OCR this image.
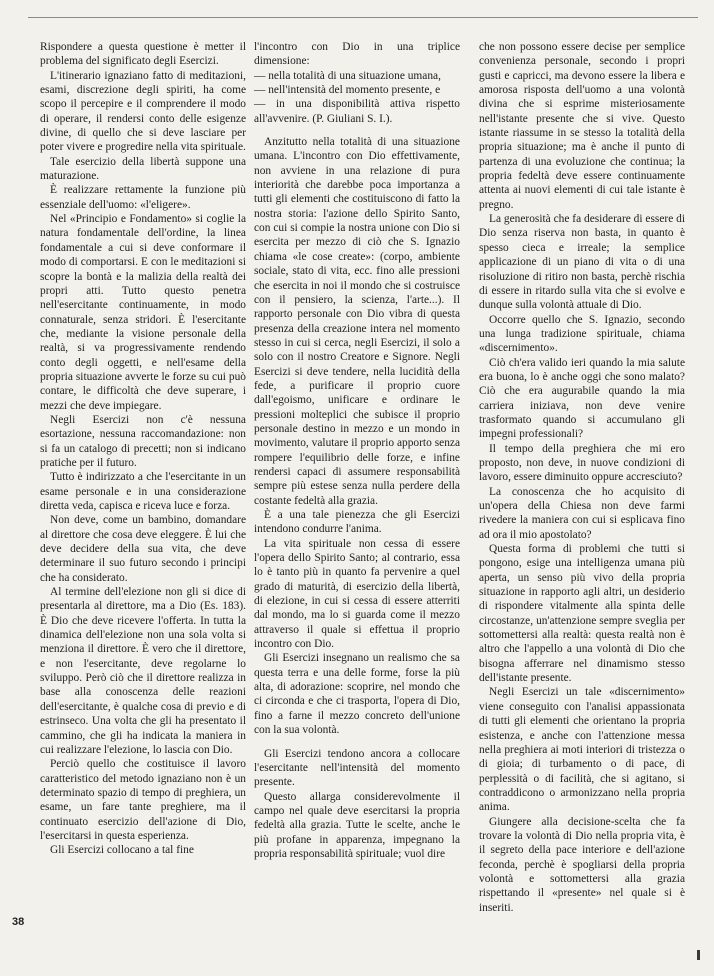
Rispondere a questa questione è metter il problema del significato degli Esercizi.

L'itinerario ignaziano fatto di meditazioni, esami, discrezione degli spiriti, ha come scopo il percepire e il comprendere il modo di operare, il rendersi conto delle esigenze divine, di quello che si deve lasciare per poter vivere e progredire nella vita spirituale.

Tale esercizio della libertà suppone una maturazione.

È realizzare rettamente la funzione più essenziale dell'uomo: «l'eligere».

Nel «Principio e Fondamento» si coglie la natura fondamentale dell'ordine, la linea fondamentale a cui si deve conformare il modo di comportarsi. E con le meditazioni si scopre la bontà e la malizia della realtà dei propri atti. Tutto questo penetra nell'esercitante continuamente, in modo connaturale, senza stridori. È l'esercitante che, mediante la visione personale della realtà, si va progressivamente rendendo conto degli oggetti, e nell'esame della propria situazione avverte le forze su cui può contare, le difficoltà che deve superare, i mezzi che deve impiegare.

Negli Esercizi non c'è nessuna esortazione, nessuna raccomandazione: non si fa un catalogo di precetti; non si indicano pratiche per il futuro.

Tutto è indirizzato a che l'esercitante in un esame personale e in una considerazione diretta veda, capisca e riceva luce e forza.

Non deve, come un bambino, domandare al direttore che cosa deve eleggere. È lui che deve decidere della sua vita, che deve determinare il suo futuro secondo i principi che ha considerato.

Al termine dell'elezione non gli si dice di presentarla al direttore, ma a Dio (Es. 183). È Dio che deve ricevere l'offerta. In tutta la dinamica dell'elezione non una sola volta si menziona il direttore. È vero che il direttore, e non l'esercitante, deve regolarne lo sviluppo. Però ciò che il direttore realizza in base alla conoscenza delle reazioni dell'esercitante, è qualche cosa di previo e di estrinseco. Una volta che gli ha presentato il cammino, che gli ha indicata la maniera in cui realizzare l'elezione, lo lascia con Dio.

Perciò quello che costituisce il lavoro caratteristico del metodo ignaziano non è un determinato spazio di tempo di preghiera, un esame, un fare tante preghiere, ma il continuato esercizio dell'azione di Dio, l'esercitarsi in questa esperienza.

Gli Esercizi collocano a tal fine

l'incontro con Dio in una triplice dimensione:

— nella totalità di una situazione umana,

— nell'intensità del momento presente, e

— in una disponibilità attiva rispetto all'avvenire. (P. Giuliani S. I.).

Anzitutto nella totalità di una situazione umana. L'incontro con Dio effettivamente, non avviene in una relazione di pura interiorità che darebbe poca importanza a tutti gli elementi che costituiscono di fatto la nostra storia: l'azione dello Spirito Santo, con cui si compie la nostra unione con Dio si esercita per mezzo di ciò che S. Ignazio chiama «le cose create»: (corpo, ambiente sociale, stato di vita, ecc. fino alle pressioni che esercita in noi il mondo che si costruisce con il pensiero, la scienza, l'arte...). Il rapporto personale con Dio vibra di questa presenza della creazione intera nel momento stesso in cui si cerca, negli Esercizi, il solo a solo con il nostro Creatore e Signore. Negli Esercizi si deve tendere, nella lucidità della fede, a purificare il proprio cuore dall'egoismo, unificare e ordinare le pressioni molteplici che subisce il proprio personale destino in mezzo e un mondo in movimento, valutare il proprio apporto senza rompere l'equilibrio delle forze, e infine rendersi capaci di assumere responsabilità sempre più estese senza nulla perdere della costante fedeltà alla grazia.

È a una tale pienezza che gli Esercizi intendono condurre l'anima.

La vita spirituale non cessa di essere l'opera dello Spirito Santo; al contrario, essa lo è tanto più in quanto fa pervenire a quel grado di maturità, di esercizio della libertà, di elezione, in cui si cessa di essere atterriti dal mondo, ma lo si guarda come il mezzo attraverso il quale si effettua il proprio incontro con Dio.

Gli Esercizi insegnano un realismo che sa questa terra e una delle forme, forse la più alta, di adorazione: scoprire, nel mondo che ci circonda e che ci trasporta, l'opera di Dio, fino a farne il mezzo concreto dell'unione con la sua volontà.

Gli Esercizi tendono ancora a collocare l'esercitante nell'intensità del momento presente.

Questo allarga considerevolmente il campo nel quale deve esercitarsi la propria fedeltà alla grazia. Tutte le scelte, anche le più profane in apparenza, impegnano la propria responsabilità spirituale; vuol dire

che non possono essere decise per semplice convenienza personale, secondo i propri gusti e capricci, ma devono essere la libera e amorosa risposta dell'uomo a una volontà divina che si esprime misteriosamente nell'istante presente che si vive. Questo istante riassume in se stesso la totalità della propria situazione; ma è anche il punto di partenza di una evoluzione che continua; la propria fedeltà deve essere continuamente attenta ai nuovi elementi di cui tale istante è pregno.

La generosità che fa desiderare di essere di Dio senza riserva non basta, in quanto è spesso cieca e irreale; la semplice applicazione di un piano di vita o di una risoluzione di ritiro non basta, perchè rischia di essere in ritardo sulla vita che si evolve e dunque sulla volontà attuale di Dio.

Occorre quello che S. Ignazio, secondo una lunga tradizione spirituale, chiama «discernimento».

Ciò ch'era valido ieri quando la mia salute era buona, lo è anche oggi che sono malato? Ciò che era augurabile quando la mia carriera iniziava, non deve venire trasformato quando si accumulano gli impegni professionali?

Il tempo della preghiera che mi ero proposto, non deve, in nuove condizioni di lavoro, essere diminuito oppure accresciuto?

La conoscenza che ho acquisito di un'opera della Chiesa non deve farmi rivedere la maniera con cui si esplicava fino ad ora il mio apostolato?

Questa forma di problemi che tutti si pongono, esige una intelligenza umana più aperta, un senso più vivo della propria situazione in rapporto agli altri, un desiderio di rispondere vitalmente alla spinta delle circostanze, un'attenzione sempre sveglia per sottomettersi alla realtà: questa realtà non è altro che l'appello a una volontà di Dio che bisogna afferrare nel dinamismo stesso dell'istante presente.

Negli Esercizi un tale «discernimento» viene conseguito con l'analisi appassionata di tutti gli elementi che orientano la propria esistenza, e anche con l'attenzione messa nella preghiera ai moti interiori di tristezza o di gioia; di turbamento o di pace, di perplessità o di facilità, che si agitano, si contraddicono o armonizzano nella propria anima.

Giungere alla decisione-scelta che fa trovare la volontà di Dio nella propria vita, è il segreto della pace interiore e dell'azione feconda, perchè è spogliarsi della propria volontà e sottomettersi alla grazia rispettando il «presente» nel quale si è inseriti.

38
